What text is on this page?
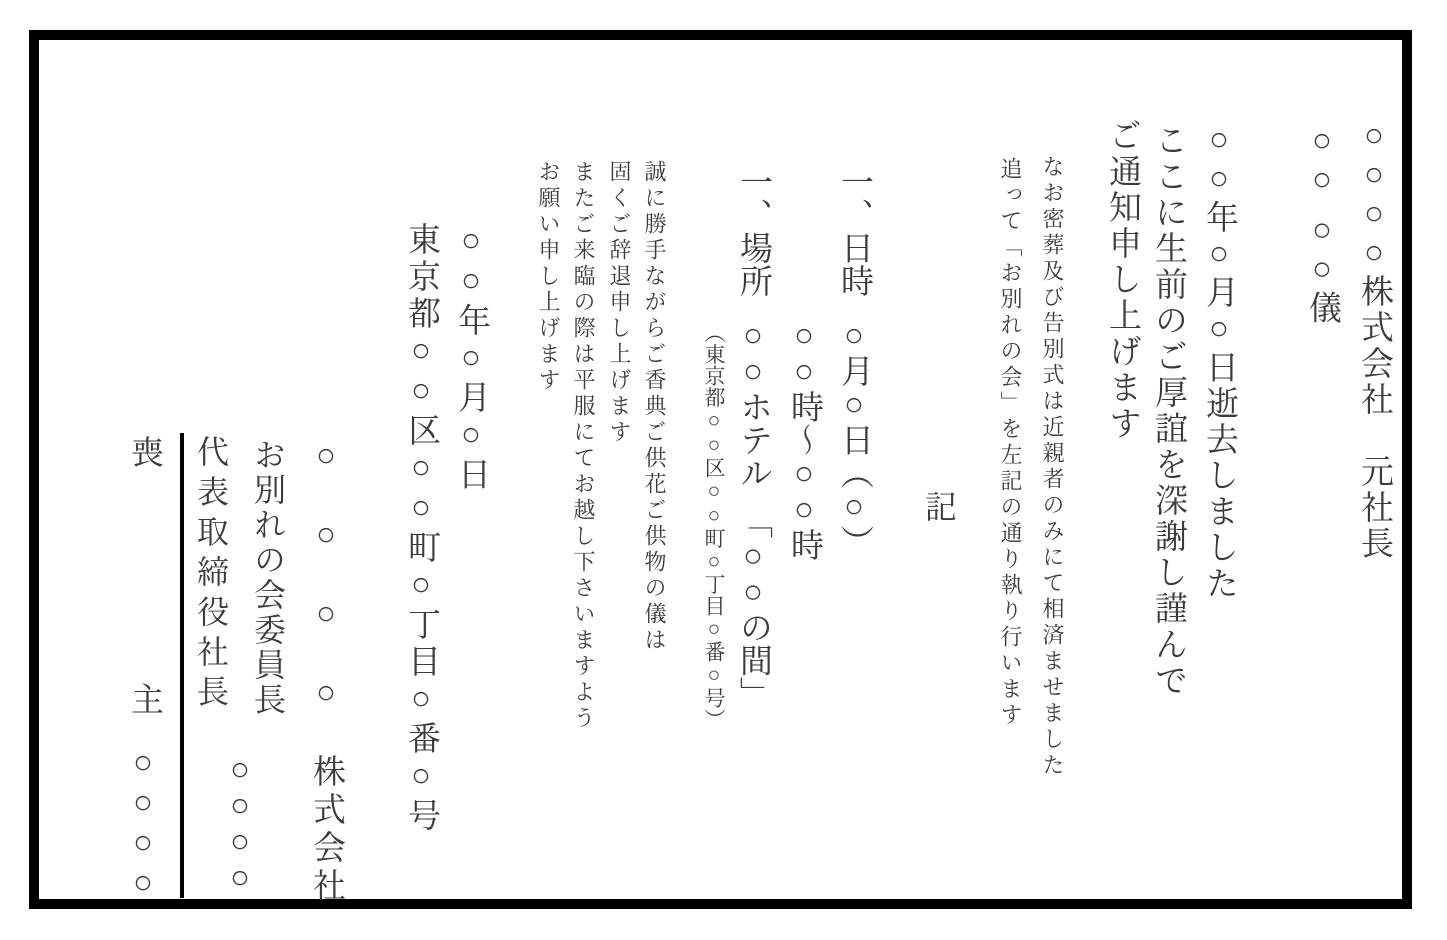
○○○○株式会社　元社長
○○ ○○儀
○○年○月○日逝去しました
ここに生前のご厚誼を深謝し謹んで
ご通知申し上げます
なお密葬及び告別式は近親者のみにて相済ませました
追って「お別れの会」を左記の通り執り行います
記
一、日時
○月○日（○）
○○時〜○○時
一、場所
○○ホテル　「○○の間」
（東京都○○区○○町○丁目○番○号）
誠に勝手ながらご香典ご供花ご供物の儀は
固くご辞退申し上げます
またご来臨の際は平服にてお越し下さいますよう
お願い申し上げます
○○年○月○日
東京都○○区○○町○丁目○番○号
○　○　○　○　株式会社
お別れの会委員長
代表取締役社長
○○○○
喪
主
○○○○
